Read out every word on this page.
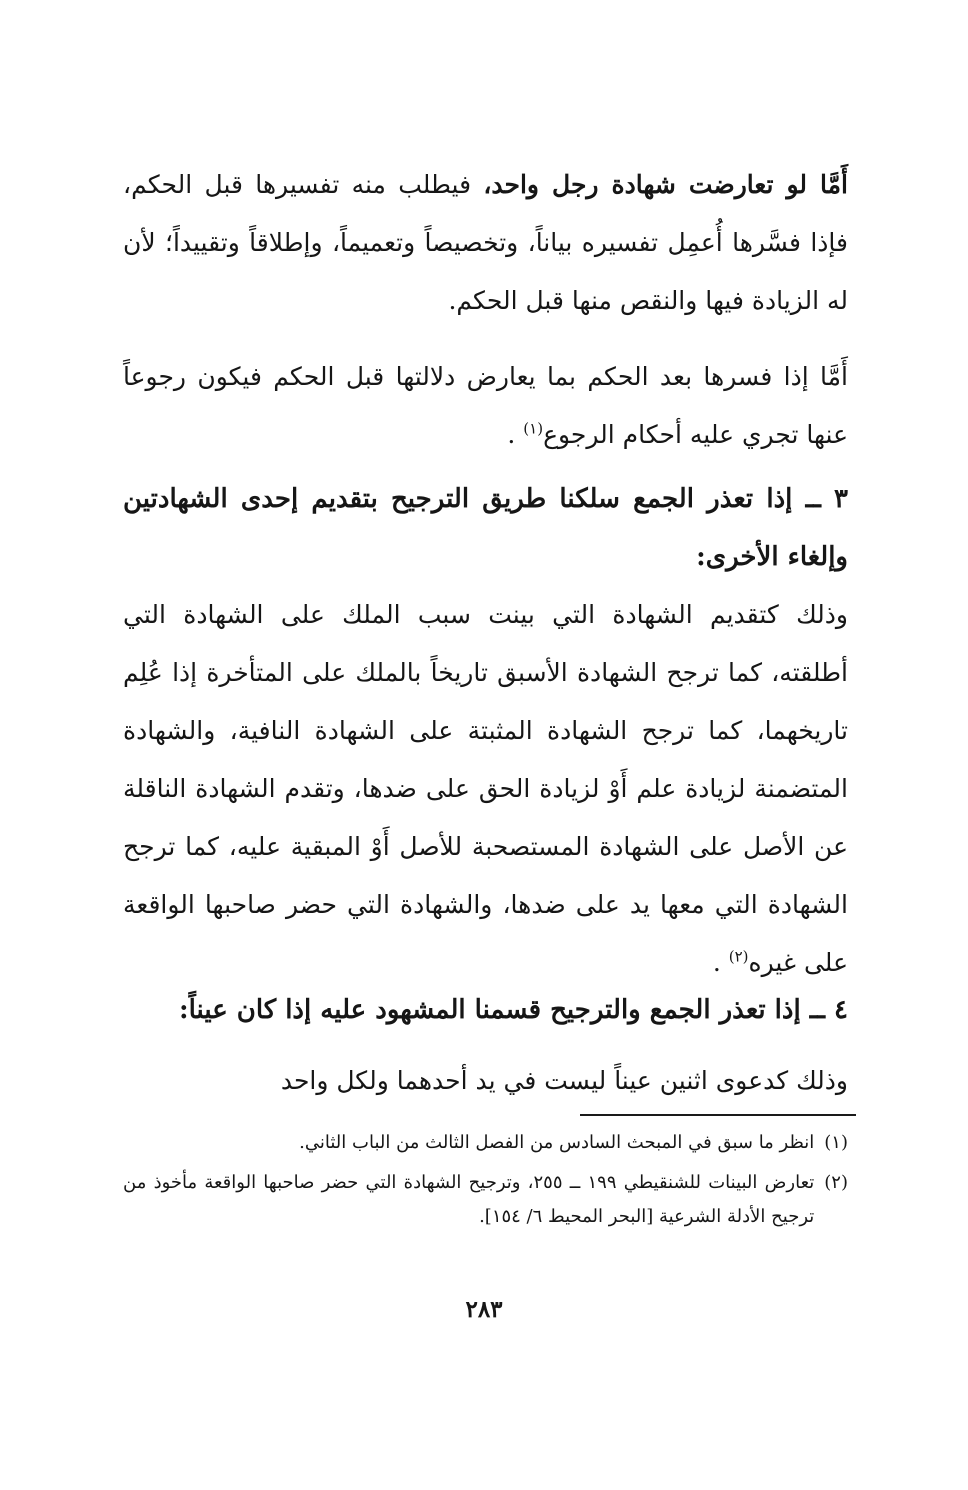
أَمَّا لو تعارضت شهادة رجل واحد، فيطلب منه تفسيرها قبل الحكم، فإذا فسَّرها أُعمِل تفسيره بياناً، وتخصيصاً وتعميماً، وإطلاقاً وتقييداً؛ لأن له الزيادة فيها والنقص منها قبل الحكم.

أَمَّا إذا فسرها بعد الحكم بما يعارض دلالتها قبل الحكم فيكون رجوعاً عنها تجري عليه أحكام الرجوع$^{(١)}$ .

٣ ــ إذا تعذر الجمع سلكنا طريق الترجيح بتقديم إحدى الشهادتين وإلغاء الأخرى:

وذلك كتقديم الشهادة التي بينت سبب الملك على الشهادة التي أطلقته، كما ترجح الشهادة الأسبق تاريخاً بالملك على المتأخرة إذا عُلِم تاريخهما، كما ترجح الشهادة المثبتة على الشهادة النافية، والشهادة المتضمنة لزيادة علم أَوْ لزيادة الحق على ضدها، وتقدم الشهادة الناقلة عن الأصل على الشهادة المستصحبة للأصل أَوْ المبقية عليه، كما ترجح الشهادة التي معها يد على ضدها، والشهادة التي حضر صاحبها الواقعة على غيره$^{(٢)}$ .

٤ ــ إذا تعذر الجمع والترجيح قسمنا المشهود عليه إذا كان عيناً:

وذلك كدعوى اثنين عيناً ليست في يد أحدهما ولكل واحد

(١)
انظر ما سبق في المبحث السادس من الفصل الثالث من الباب الثاني.
(٢)
تعارض البينات للشنقيطي ١٩٩ ــ ٢٥٥، وترجيح الشهادة التي حضر صاحبها الواقعة مأخوذ من ترجيح الأدلة الشرعية [البحر المحيط ٦/ ١٥٤].
٢٨٣
